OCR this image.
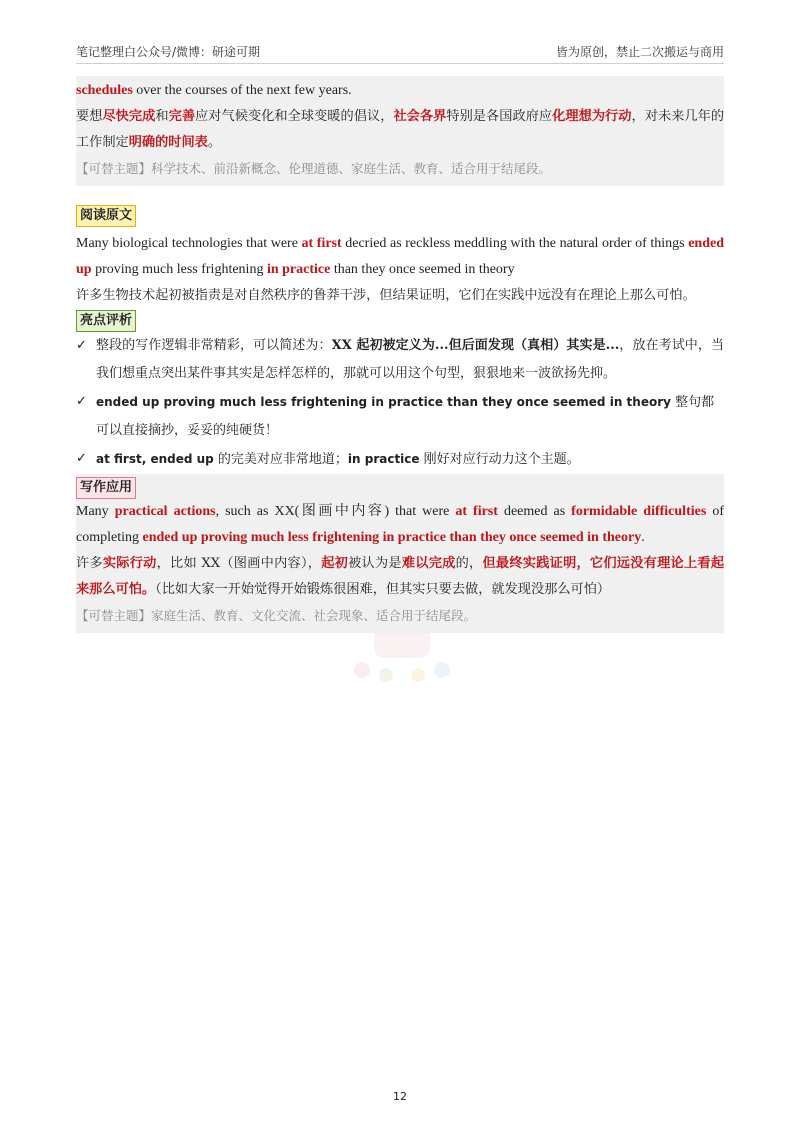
笔记整理白公众号/微博：研途可期	皆为原创，禁止二次搬运与商用

schedules over the courses of the next few years.

要想尽快完成和完善应对气候变化和全球变暖的倡议，社会各界特别是各国政府应化理想为行动，对未来几年的工作制定明确的时间表。

【可替主题】科学技术、前沿新概念、伦理道德、家庭生活、教育、适合用于结尾段。

阅读原文

Many biological technologies that were at first decried as reckless meddling with the natural order of things ended up proving much less frightening in practice than they once seemed in theory

许多生物技术起初被指责是对自然秩序的鲁莽干涉，但结果证明，它们在实践中远没有在理论上那么可怕。

亮点评析

✓ 整段的写作逻辑非常精彩，可以简述为：XX 起初被定义为...但后面发现（真相）其实是...，放在考试中，当我们想重点突出某件事其实是怎样怎样的，那就可以用这个句型，狠狠地来一波欲扬先抑。

✓ ended up proving much less frightening in practice than they once seemed in theory 整句都可以直接摘抄，妥妥的纯硬货！

✓ at first, ended up 的完美对应非常地道；in practice 刚好对应行动力这个主题。

写作应用

Many practical actions, such as XX(图画中内容) that were at first deemed as formidable difficulties of completing ended up proving much less frightening in practice than they once seemed in theory.

许多实际行动，比如 XX（图画中内容），起初被认为是难以完成的，但最终实践证明，它们远没有理论上看起来那么可怕。（比如大家一开始觉得开始锻炼很困难，但其实只要去做，就发现没那么可怕）

【可替主题】家庭生活、教育、文化交流、社会现象、适合用于结尾段。

12
